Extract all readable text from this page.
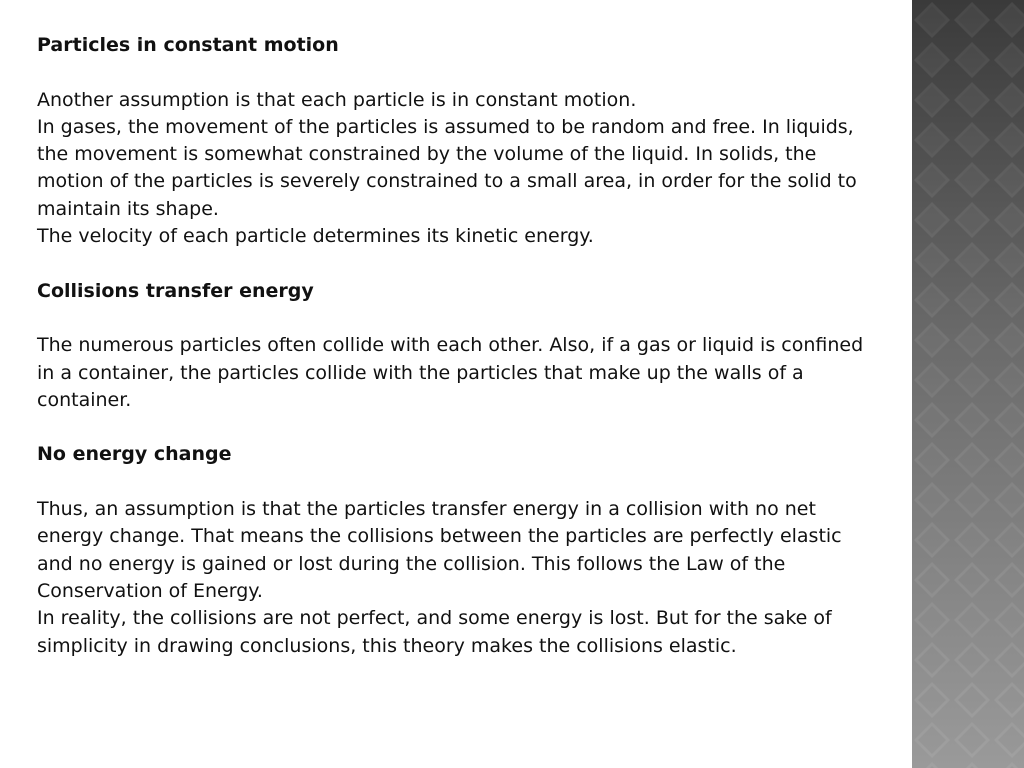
Particles in constant motion
Another assumption is that each particle is in constant motion.
In gases, the movement of the particles is assumed to be random and free. In liquids, the movement is somewhat constrained by the volume of the liquid. In solids, the motion of the particles is severely constrained to a small area, in order for the solid to maintain its shape.
The velocity of each particle determines its kinetic energy.
Collisions transfer energy
The numerous particles often collide with each other. Also, if a gas or liquid is confined in a container, the particles collide with the particles that make up the walls of a container.
No energy change
Thus, an assumption is that the particles transfer energy in a collision with no net energy change. That means the collisions between the particles are perfectly elastic and no energy is gained or lost during the collision. This follows the Law of the Conservation of Energy.
In reality, the collisions are not perfect, and some energy is lost. But for the sake of simplicity in drawing conclusions, this theory makes the collisions elastic.
